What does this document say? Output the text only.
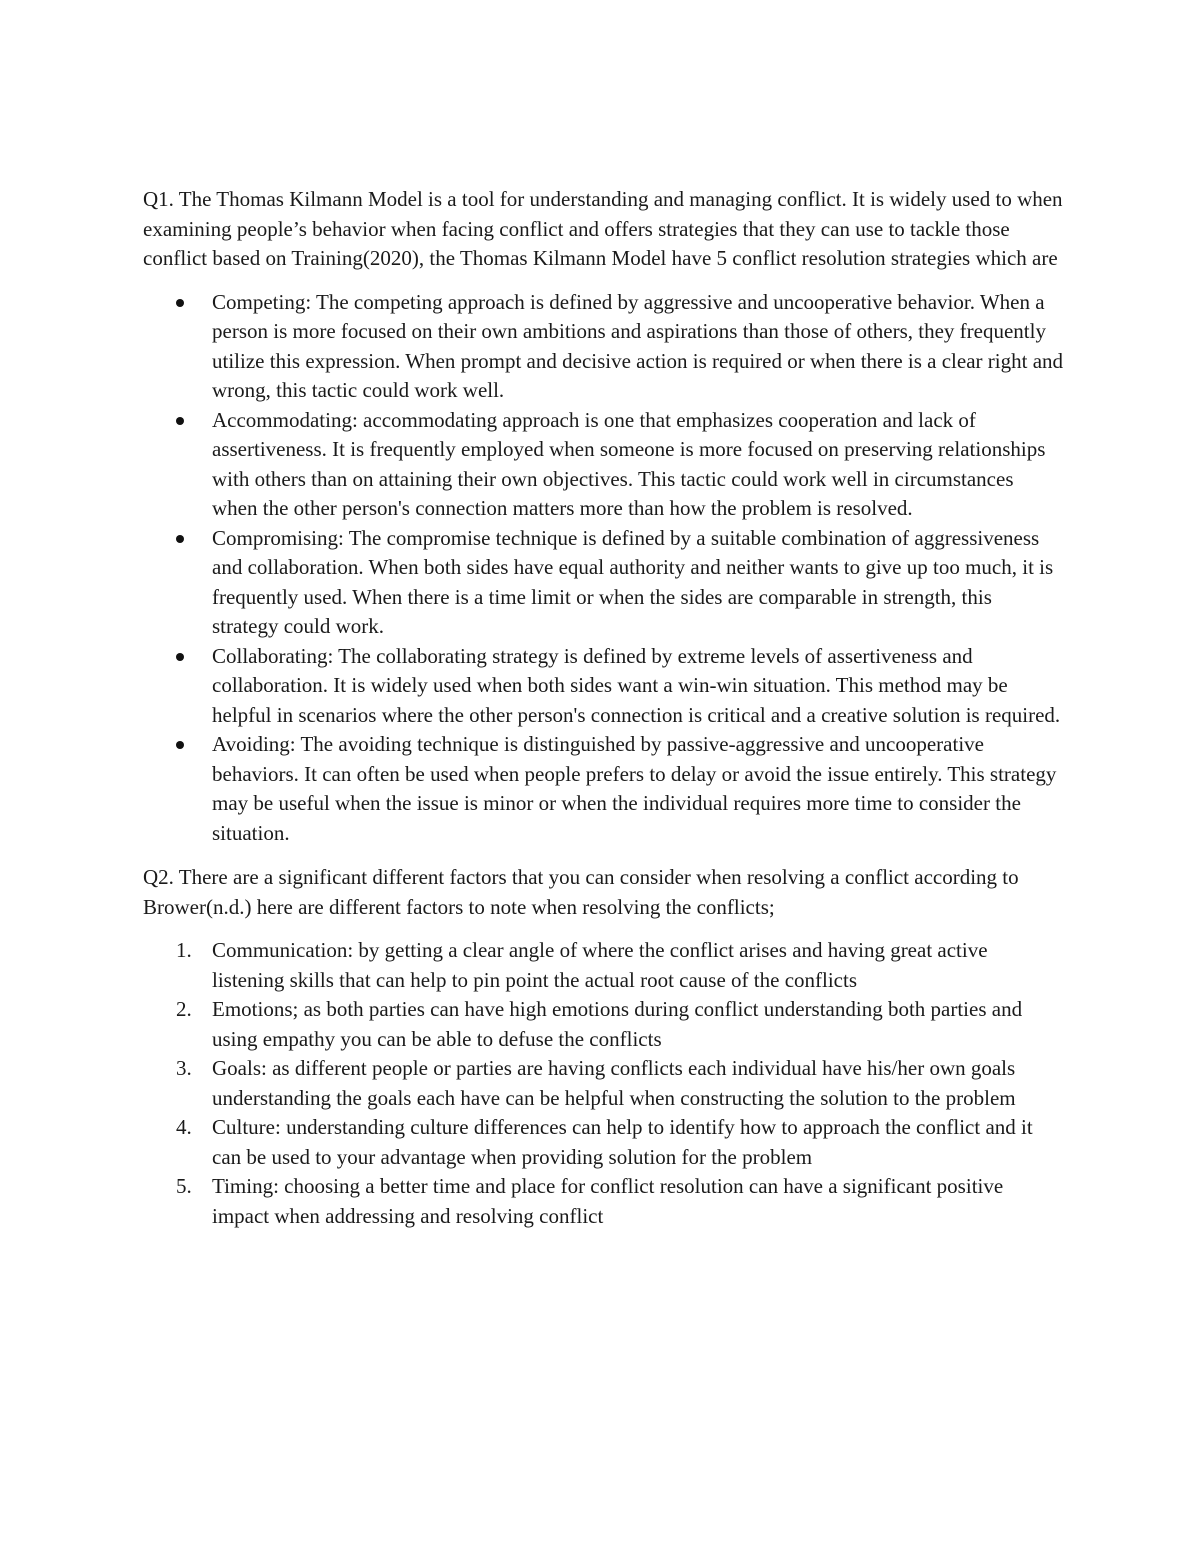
Q1. The Thomas Kilmann Model is a tool for understanding and managing conflict. It is widely used to when examining people’s behavior when facing conflict and offers strategies that they can use to tackle those conflict based on Training(2020), the Thomas Kilmann Model have 5 conflict resolution strategies which are

Competing: The competing approach is defined by aggressive and uncooperative behavior. When a person is more focused on their own ambitions and aspirations than those of others, they frequently utilize this expression. When prompt and decisive action is required or when there is a clear right and wrong, this tactic could work well.
Accommodating: accommodating approach is one that emphasizes cooperation and lack of assertiveness. It is frequently employed when someone is more focused on preserving relationships with others than on attaining their own objectives. This tactic could work well in circumstances when the other person's connection matters more than how the problem is resolved.
Compromising: The compromise technique is defined by a suitable combination of aggressiveness and collaboration. When both sides have equal authority and neither wants to give up too much, it is frequently used. When there is a time limit or when the sides are comparable in strength, this strategy could work.
Collaborating: The collaborating strategy is defined by extreme levels of assertiveness and collaboration. It is widely used when both sides want a win-win situation. This method may be helpful in scenarios where the other person's connection is critical and a creative solution is required.
Avoiding: The avoiding technique is distinguished by passive-aggressive and uncooperative behaviors. It can often be used when people prefers to delay or avoid the issue entirely. This strategy may be useful when the issue is minor or when the individual requires more time to consider the situation.

Q2. There are a significant different factors that you can consider when resolving a conflict according to Brower(n.d.) here are different factors to note when resolving the conflicts;

1. Communication: by getting a clear angle of where the conflict arises and having great active listening skills that can help to pin point the actual root cause of the conflicts
2. Emotions; as both parties can have high emotions during conflict understanding both parties and using empathy you can be able to defuse the conflicts
3. Goals: as different people or parties are having conflicts each individual have his/her own goals understanding the goals each have can be helpful when constructing the solution to the problem
4. Culture: understanding culture differences can help to identify how to approach the conflict and it can be used to your advantage when providing solution for the problem
5. Timing: choosing a better time and place for conflict resolution can have a significant positive impact when addressing and resolving conflict
